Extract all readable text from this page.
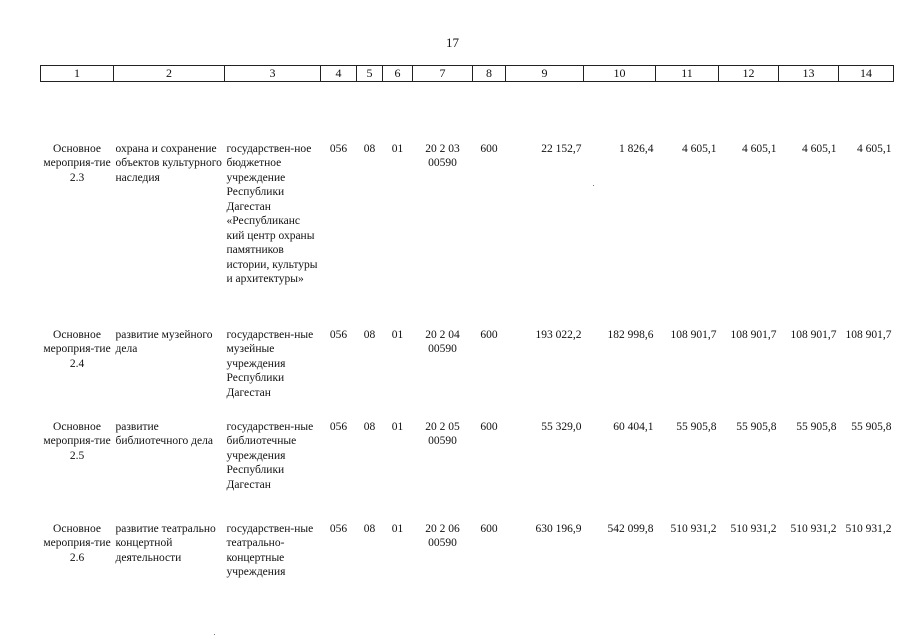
17
1	2	3	4	5	6	7	8	9	10	11	12	13	14

Основное мероприя-тие 2.3	охрана и сохранение объектов культурного наследия	государствен-ное бюджетное учреждение Республики Дагестан «Республиканс кий центр охраны памятников истории, культуры и архитектуры»	056	08	01	20 2 03 00590	600	22 152,7	1 826,4	4 605,1	4 605,1	4 605,1	4 605,1
Основное мероприя-тие 2.4	развитие музейного дела	государствен-ные музейные учреждения Республики Дагестан	056	08	01	20 2 04 00590	600	193 022,2	182 998,6	108 901,7	108 901,7	108 901,7	108 901,7
Основное мероприя-тие 2.5	развитие библиотечного дела	государствен-ные библиотечные учреждения Республики Дагестан	056	08	01	20 2 05 00590	600	55 329,0	60 404,1	55 905,8	55 905,8	55 905,8	55 905,8
Основное мероприя-тие 2.6	развитие театрально концертной деятельности	государствен-ные театрально-концертные учреждения	056	08	01	20 2 06 00590	600	630 196,9	542 099,8	510 931,2	510 931,2	510 931,2	510 931,2
